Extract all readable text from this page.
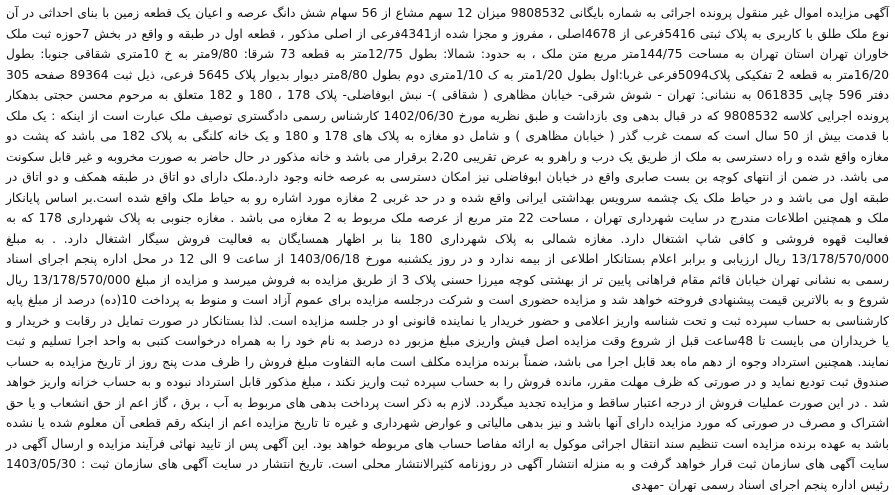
آگهی مزایده اموال غیر منقول پرونده اجرائی به شماره بایگانی 9808532 میزان 12 سهم مشاع از 56 سهام شش دانگ عرصه و اعیان یک قطعه زمین با بنای احداثی در آن نوع ملک طلق با کاربری به پلاک ثبتی 5416فرعی از 4678اصلی ، مفروز و مجزا شده از4341فرعی از اصلی مذکور ، قطعه اول در طبقه و واقع در بخش 7حوزه ثبت ملک خاوران تهران استان تهران به مساحت 144/75متر مربع متن ملک ، به حدود: شمالا: بطول 12/75متر به قطعه 73 شرقا: 9/80متر به خ 10متری شقاقی جنوبا: بطول 16/20متر به قطعه 2 تفکیکی پلاک5094فرعی غربا:اول بطول 1/20متر به ک 1/10متری دوم بطول 8/80متر دیوار بدیوار پلاک 5645 فرعی، ذیل ثبت 89364 صفحه 305 دفتر 596 چاپی 061835 به نشانی: تهران - شوش شرقی- خیابان مظاهری ( شقاقی )- نبش ابوفاضلی- پلاک 178 ، 180 و 182 متعلق به مرحوم محسن حجتی بدهکار پرونده اجرایی کلاسه 9808532 که در قبال بدهی وی بازداشت و طبق نظریه مورخ 1402/06/30 کارشناس رسمی دادگستری توصیف ملک عبارت است از اینکه : یک ملک با قدمت بیش از 50 سال است که سمت غرب گذر ( خیابان مظاهری ) و شامل دو مغازه به پلاک های 178 و 180 و یک خانه کلنگی به پلاک 182 می باشد که پشت دو مغازه واقع شده و راه دسترسی به ملک از طریق یک درب و راهرو به عرض تقریبی 2،20 برقرار می باشد و خانه مذکور در حال حاضر به صورت مخروبه و غیر قابل سکونت می باشد. در ضمن از انتهای کوچه بن بست صابری واقع در خیابان ابوفاضلی نیز امکان دسترسی به عرصه خانه وجود دارد.ملک دارای دو اتاق در طبقه همکف و دو اتاق در طبقه اول می باشد و در حیاط ملک یک چشمه سرویس بهداشتی ایرانی واقع شده و در حد غربی 2 مغازه مورد اشاره رو به حیاط ملک واقع شده است.بر اساس پایانکار ملک و همچنین اطلاعات مندرج در سایت شهرداری تهران ، مساحت 22 متر مربع از عرصه ملک مربوط به 2 مغازه می باشد . مغازه جنوبی به پلاک شهرداری 178 که به فعالیت قهوه فروشی و کافی شاپ اشتغال دارد. مغازه شمالی به پلاک شهرداری 180 بنا بر اظهار همسایگان به فعالیت فروش سیگار اشتغال دارد. . به مبلغ 13/178/570/000 ریال ارزیابی و برابر اعلام بستانکار اطلاعی از بیمه ندارد و در روز یکشنبه مورخ 1403/06/18 از ساعت 9 الی 12 در محل اداره پنجم اجرای اسناد رسمی به نشانی تهران خیابان قائم مقام فراهانی پایین تر از بهشتی کوچه میرزا حسنی پلاک 3 از طریق مزایده به فروش میرسد و مزایده از مبلغ 13/178/570/000 ریال شروع و به بالاترین قیمت پیشنهادی فروخته خواهد شد و مزایده حضوری است و شرکت درجلسه مزایده برای عموم آزاد است و منوط به پرداخت 10(ده) درصد از مبلغ پایه کارشناسی به حساب سپرده ثبت و تحت شناسه واریز اعلامی و حضور خریدار یا نماینده قانونی او در جلسه مزایده است. لذا بستانکار در صورت تمایل در رقابت و خریدار و یا خریداران می بایست تا 48ساعت قبل از شروع وقت مزایده اصل فیش واریزی مبلغ مزبور ده درصد به نام خود را به همراه درخواست کتبی به واحد اجرا تسلیم و ثبت نمایند. همچنین استرداد وجوه از دهم ماه بعد قابل اجرا می باشد، ضمناً برنده مزایده مکلف است مابه التفاوت مبلغ فروش را ظرف مدت پنج روز از تاریخ مزایده به حساب صندوق ثبت تودیع نماید و در صورتی که ظرف مهلت مقرر، مانده فروش را به حساب سپرده ثبت واریز نکند ، مبلغ مذکور قابل استرداد نبوده و به حساب خزانه واریز خواهد شد . در این صورت عملیات فروش از درجه اعتبار ساقط و مزایده تجدید میگردد. لازم به ذکر است پرداخت بدهی های مربوط به آب ، برق ، گاز اعم از حق انشعاب و یا حق اشتراک و مصرف در صورتی که مورد مزایده دارای آنها باشد و نیز بدهی مالیاتی و عوارض شهرداری و غیره تا تاریخ مزایده اعم از اینکه رقم قطعی آن معلوم شده یا نشده باشد به عهده برنده مزایده است تنظیم سند انتقال اجرائی موکول به ارائه مفاصا حساب های مربوطه خواهد بود. این آگهی پس از تایید نهائی فرآیند مزایده و ارسال آگهی در سایت آگهی های سازمان ثبت قرار خواهد گرفت و به منزله انتشار آگهی در روزنامه کثیرالانتشار محلی است. تاریخ انتشار در سایت آگهی های سازمان ثبت : 1403/05/30 رئیس اداره پنجم اجرای اسناد رسمی تهران -مهدی
